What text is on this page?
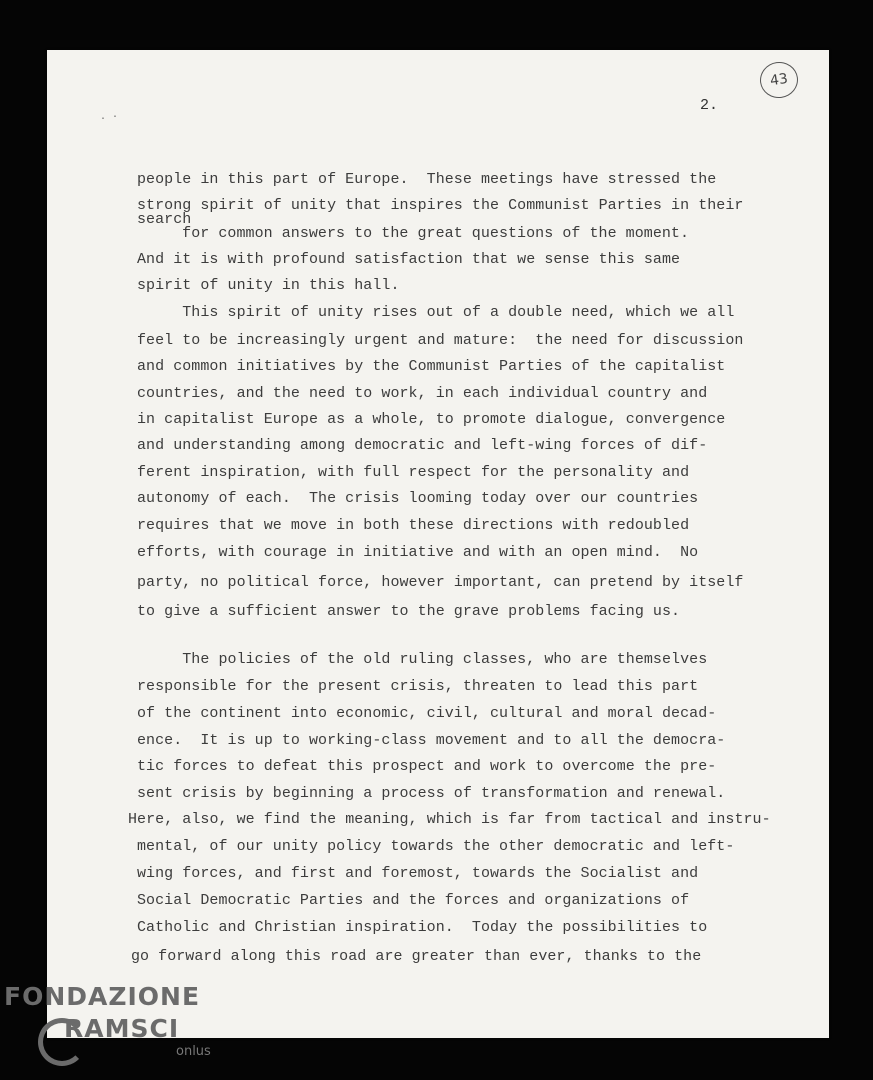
43
2.
. ·
people in this part of Europe.  These meetings have stressed the
strong spirit of unity that inspires the Communist Parties in their
search
for common answers to the great questions of the moment.
And it is with profound satisfaction that we sense this same
spirit of unity in this hall.
This spirit of unity rises out of a double need, which we all
feel to be increasingly urgent and mature:  the need for discussion
and common initiatives by the Communist Parties of the capitalist
countries, and the need to work, in each individual country and
in capitalist Europe as a whole, to promote dialogue, convergence
and understanding among democratic and left-wing forces of dif-
ferent inspiration, with full respect for the personality and
autonomy of each.  The crisis looming today over our countries
requires that we move in both these directions with redoubled
efforts, with courage in initiative and with an open mind.  No
party, no political force, however important, can pretend by itself
to give a sufficient answer to the grave problems facing us.
The policies of the old ruling classes, who are themselves
responsible for the present crisis, threaten to lead this part
of the continent into economic, civil, cultural and moral decad-
ence.  It is up to working-class movement and to all the democra-
tic forces to defeat this prospect and work to overcome the pre-
sent crisis by beginning a process of transformation and renewal.
Here, also, we find the meaning, which is far from tactical and instru-
mental, of our unity policy towards the other democratic and left-
wing forces, and first and foremost, towards the Socialist and
Social Democratic Parties and the forces and organizations of
Catholic and Christian inspiration.  Today the possibilities to
go forward along this road are greater than ever, thanks to the
FONDAZIONE
RAMSCI
onlus
